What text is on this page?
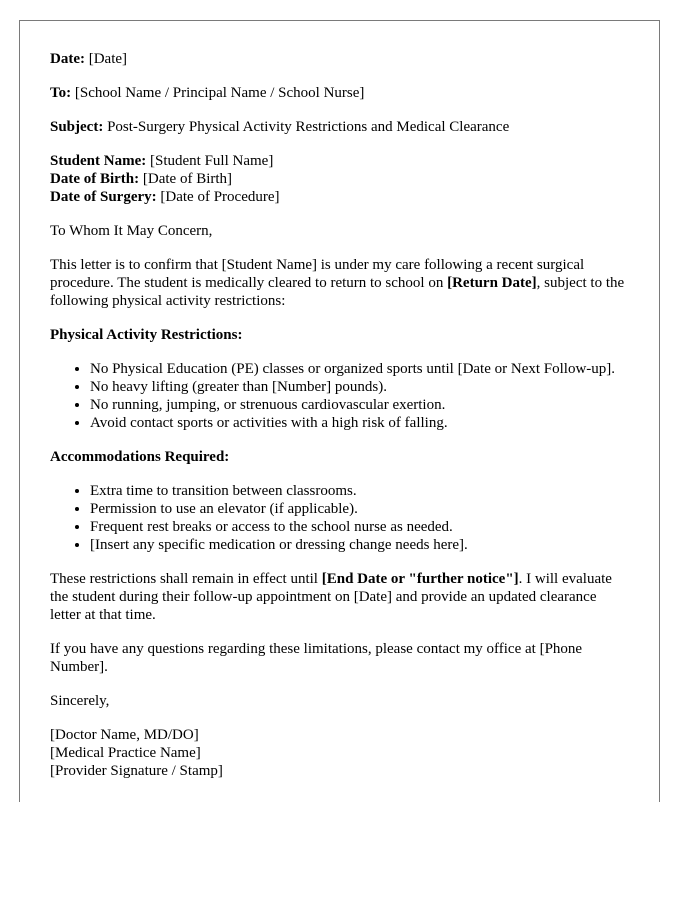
Date: [Date]

To: [School Name / Principal Name / School Nurse]

Subject: Post-Surgery Physical Activity Restrictions and Medical Clearance

Student Name: [Student Full Name]
Date of Birth: [Date of Birth]
Date of Surgery: [Date of Procedure]

To Whom It May Concern,

This letter is to confirm that [Student Name] is under my care following a recent surgical procedure. The student is medically cleared to return to school on [Return Date], subject to the following physical activity restrictions:

Physical Activity Restrictions:
• No Physical Education (PE) classes or organized sports until [Date or Next Follow-up].
• No heavy lifting (greater than [Number] pounds).
• No running, jumping, or strenuous cardiovascular exertion.
• Avoid contact sports or activities with a high risk of falling.
Accommodations Required:
• Extra time to transition between classrooms.
• Permission to use an elevator (if applicable).
• Frequent rest breaks or access to the school nurse as needed.
• [Insert any specific medication or dressing change needs here].

These restrictions shall remain in effect until [End Date or "further notice"]. I will evaluate the student during their follow-up appointment on [Date] and provide an updated clearance letter at that time.

If you have any questions regarding these limitations, please contact my office at [Phone Number].

Sincerely,

[Doctor Name, MD/DO]
[Medical Practice Name]
[Provider Signature / Stamp]
